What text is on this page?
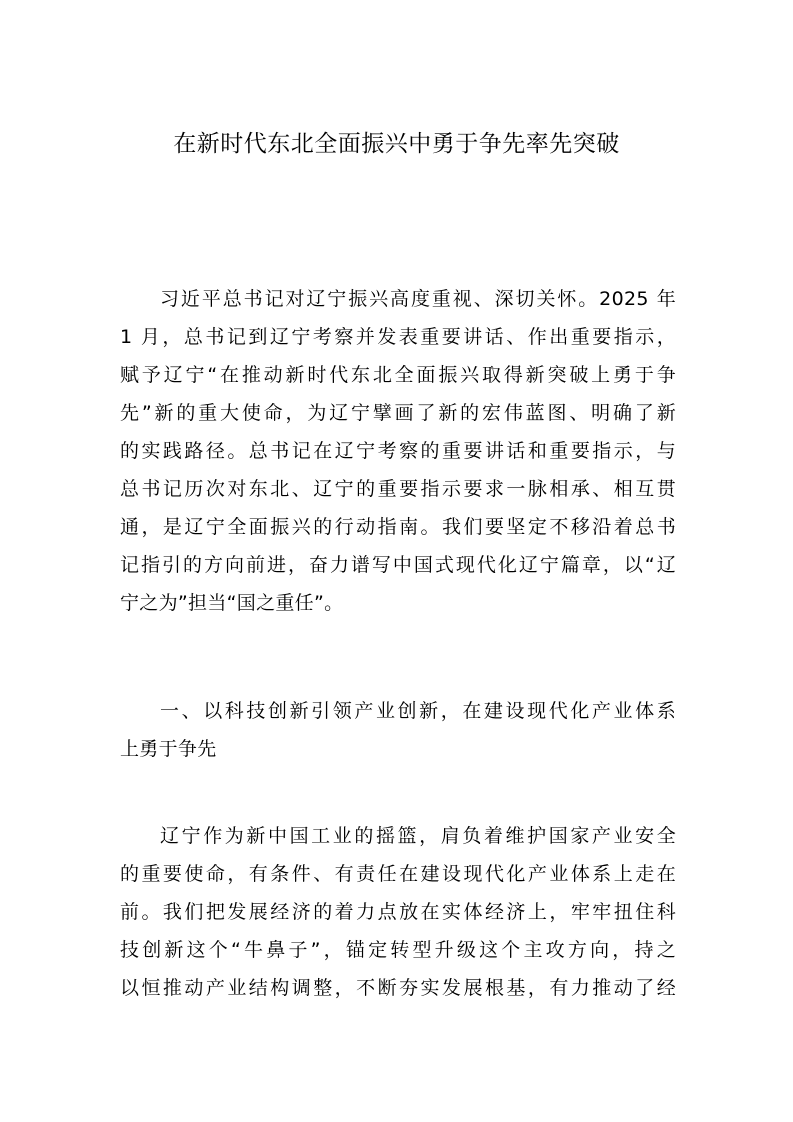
在新时代东北全面振兴中勇于争先率先突破
习近平总书记对辽宁振兴高度重视、深切关怀。2025 年
1 月，总书记到辽宁考察并发表重要讲话、作出重要指示，
赋予辽宁“在推动新时代东北全面振兴取得新突破上勇于争
先”新的重大使命，为辽宁擘画了新的宏伟蓝图、明确了新
的实践路径。总书记在辽宁考察的重要讲话和重要指示，与
总书记历次对东北、辽宁的重要指示要求一脉相承、相互贯
通，是辽宁全面振兴的行动指南。我们要坚定不移沿着总书
记指引的方向前进，奋力谱写中国式现代化辽宁篇章，以“辽
宁之为”担当“国之重任”。
一、以科技创新引领产业创新，在建设现代化产业体系
上勇于争先
辽宁作为新中国工业的摇篮，肩负着维护国家产业安全
的重要使命，有条件、有责任在建设现代化产业体系上走在
前。我们把发展经济的着力点放在实体经济上，牢牢扭住科
技创新这个“牛鼻子”，锚定转型升级这个主攻方向，持之
以恒推动产业结构调整，不断夯实发展根基，有力推动了经
